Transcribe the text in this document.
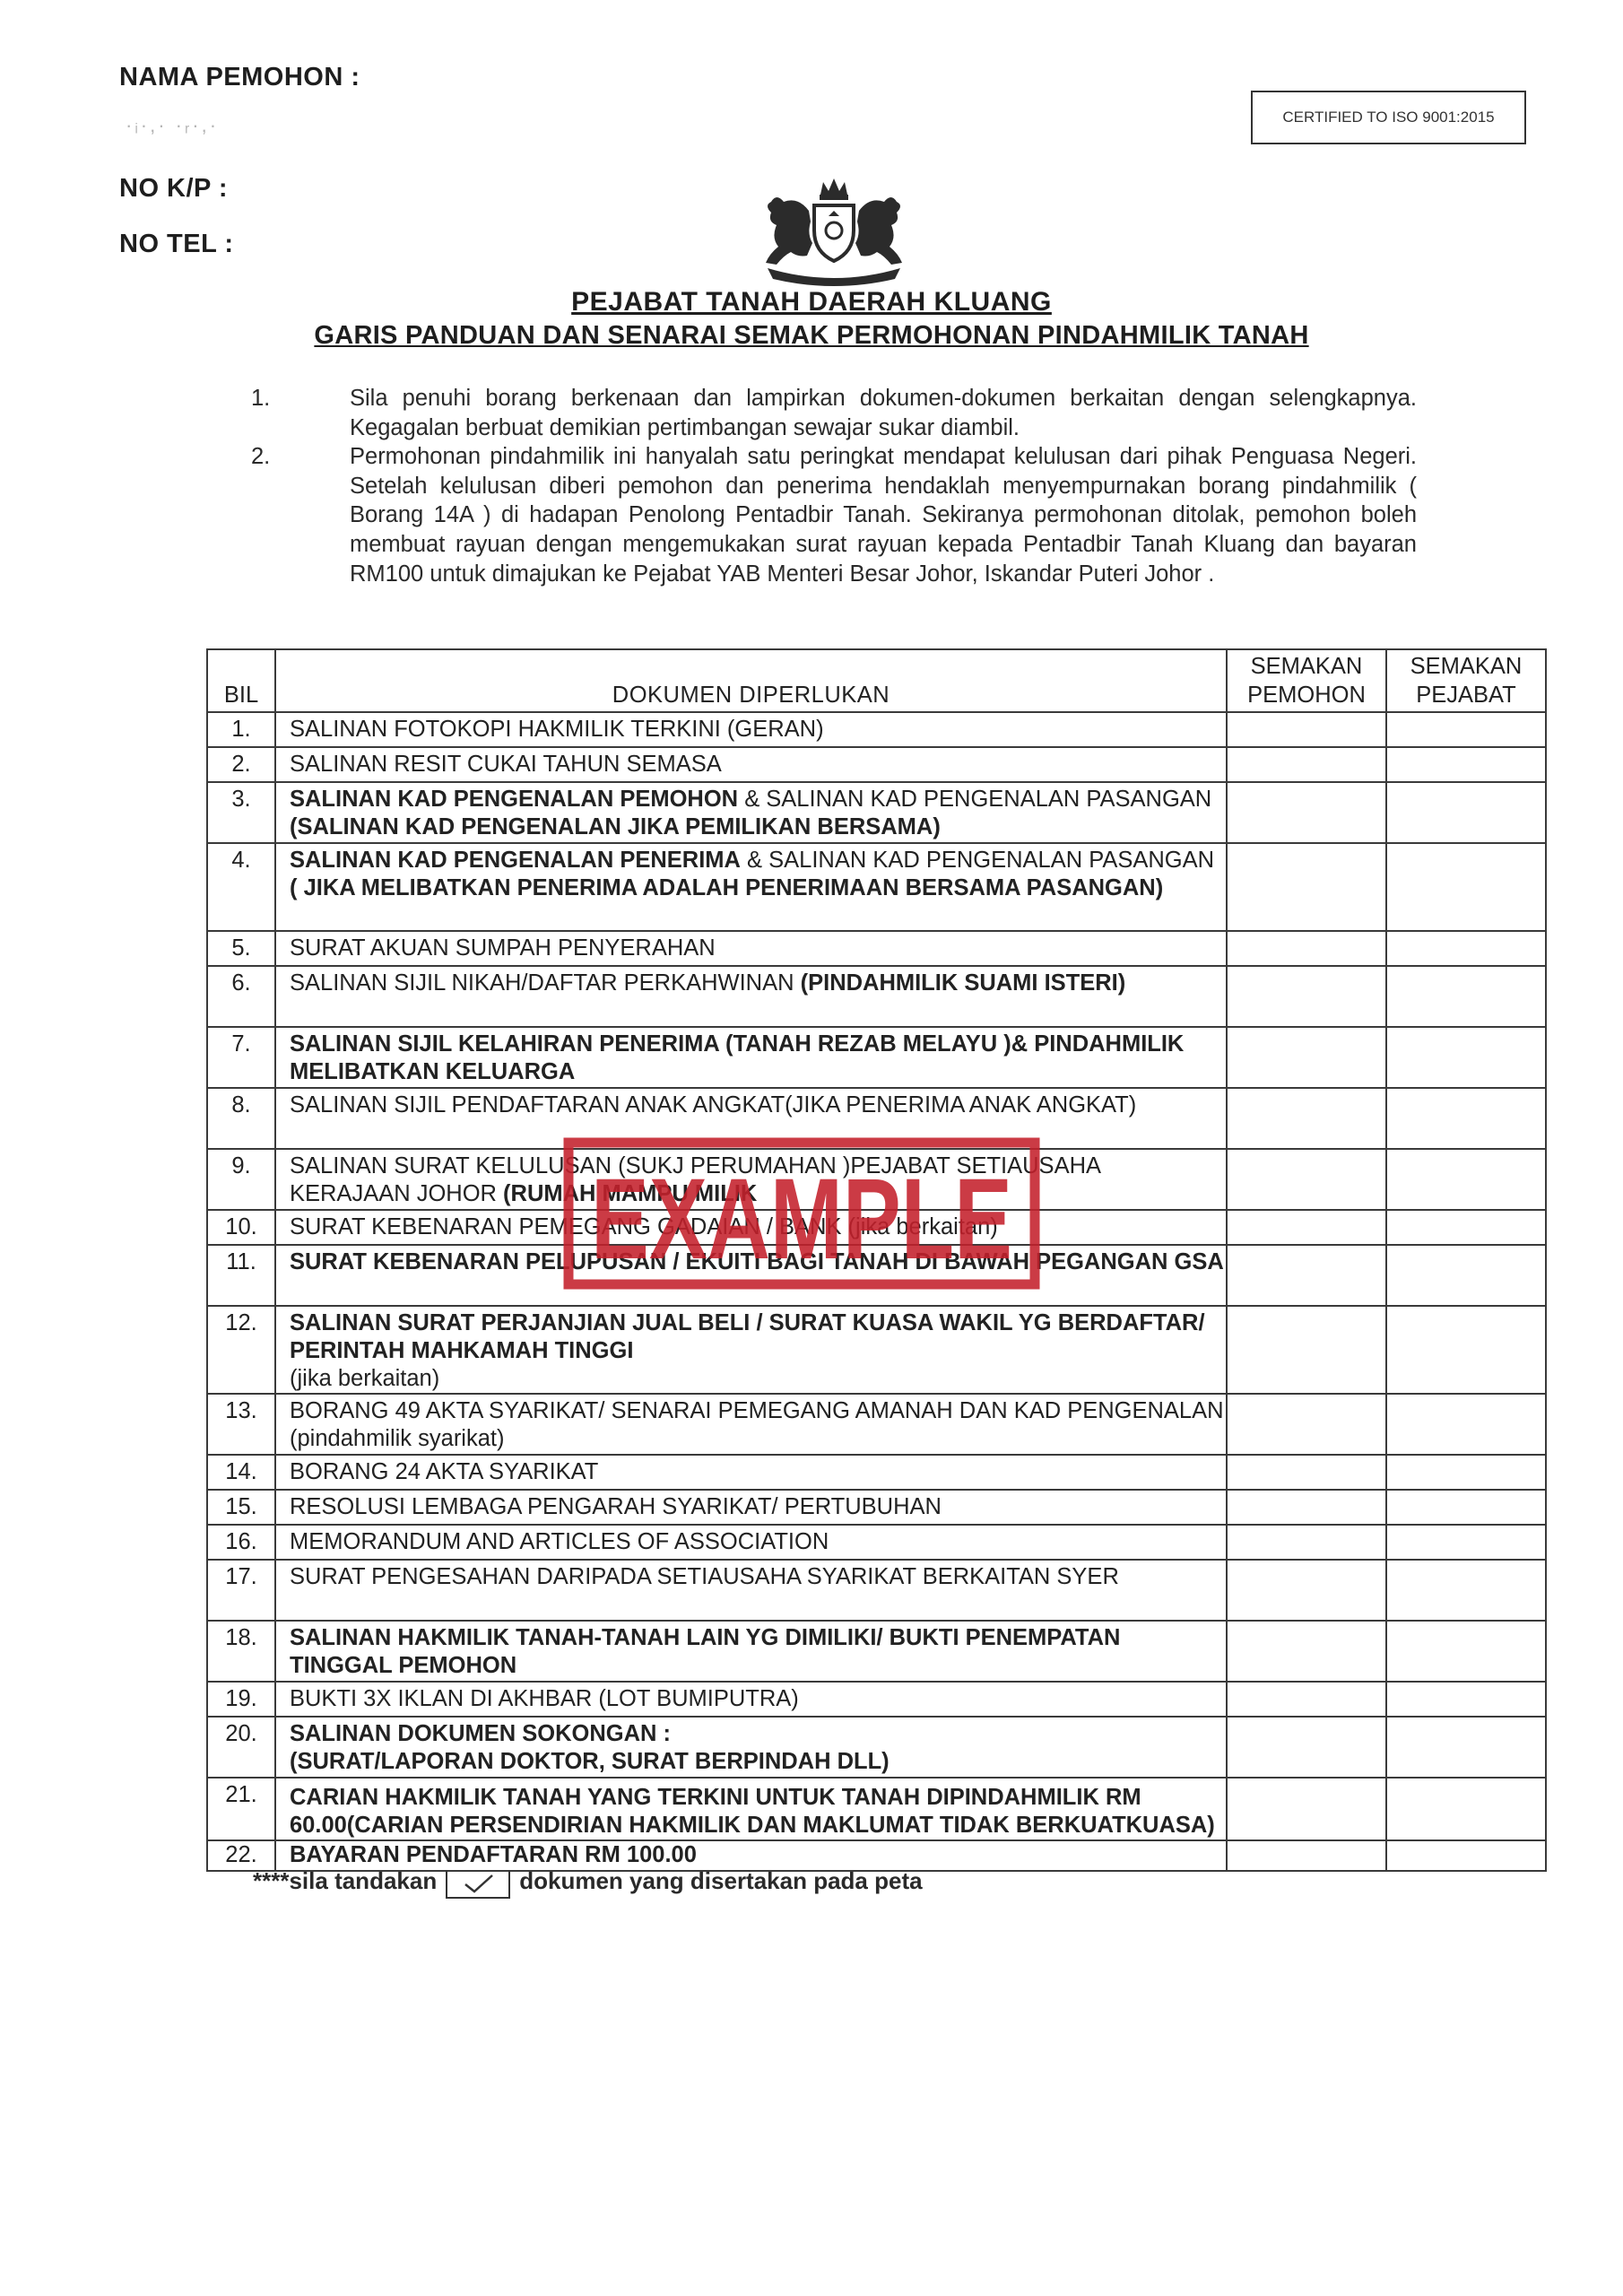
NAMA PEMOHON :
·ᵢ·,· ·ᵣ·,·
NO K/P :
NO TEL :
CERTIFIED TO ISO 9001:2015
PEJABAT TANAH DAERAH KLUANG
GARIS PANDUAN DAN SENARAI SEMAK PERMOHONAN PINDAHMILIK TANAH
1.	Sila penuhi borang berkenaan dan lampirkan dokumen-dokumen berkaitan dengan selengkapnya. Kegagalan berbuat demikian pertimbangan sewajar sukar diambil.
2.	Permohonan pindahmilik ini hanyalah satu peringkat mendapat kelulusan dari pihak Penguasa Negeri. Setelah kelulusan diberi pemohon dan penerima hendaklah menyempurnakan borang pindahmilik ( Borang 14A ) di hadapan Penolong Pentadbir Tanah. Sekiranya permohonan ditolak, pemohon boleh membuat rayuan dengan mengemukakan surat rayuan kepada Pentadbir Tanah Kluang dan bayaran RM100 untuk dimajukan ke Pejabat YAB Menteri Besar Johor, Iskandar Puteri Johor .
BIL	DOKUMEN DIPERLUKAN	SEMAKAN PEMOHON	SEMAKAN PEJABAT
1.	SALINAN FOTOKOPI HAKMILIK TERKINI (GERAN)		
2.	SALINAN RESIT CUKAI TAHUN SEMASA		
3.	SALINAN KAD PENGENALAN PEMOHON & SALINAN KAD PENGENALAN PASANGAN (SALINAN KAD PENGENALAN JIKA PEMILIKAN BERSAMA)		
4.	SALINAN KAD PENGENALAN PENERIMA & SALINAN KAD PENGENALAN PASANGAN ( JIKA MELIBATKAN PENERIMA ADALAH PENERIMAAN BERSAMA PASANGAN)		
5.	SURAT AKUAN SUMPAH PENYERAHAN		
6.	SALINAN SIJIL NIKAH/DAFTAR PERKAHWINAN (PINDAHMILIK SUAMI ISTERI)		
7.	SALINAN SIJIL KELAHIRAN PENERIMA (TANAH REZAB MELAYU )& PINDAHMILIK MELIBATKAN KELUARGA		
8.	SALINAN SIJIL PENDAFTARAN ANAK ANGKAT(JIKA PENERIMA ANAK ANGKAT)		
9.	SALINAN SURAT KELULUSAN (SUKJ PERUMAHAN )PEJABAT SETIAUSAHA KERAJAAN JOHOR (RUMAH MAMPU MILIK		
10.	SURAT KEBENARAN PEMEGANG GADAIAN / BANK (jika berkaitan)		
11.	SURAT KEBENARAN PELUPUSAN / EKUITI BAGI TANAH DI BAWAH PEGANGAN GSA		
12.	SALINAN SURAT PERJANJIAN JUAL BELI / SURAT KUASA WAKIL YG BERDAFTAR/ PERINTAH MAHKAMAH TINGGI
(jika berkaitan)		
13.	BORANG 49 AKTA SYARIKAT/ SENARAI PEMEGANG AMANAH DAN KAD PENGENALAN (pindahmilik syarikat)		
14.	BORANG 24 AKTA SYARIKAT		
15.	RESOLUSI LEMBAGA PENGARAH SYARIKAT/ PERTUBUHAN		
16.	MEMORANDUM AND ARTICLES OF ASSOCIATION		
17.	SURAT PENGESAHAN DARIPADA SETIAUSAHA SYARIKAT BERKAITAN SYER		
18.	SALINAN HAKMILIK TANAH-TANAH LAIN YG DIMILIKI/ BUKTI PENEMPATAN TINGGAL PEMOHON		
19.	BUKTI 3X IKLAN DI AKHBAR (LOT BUMIPUTRA)		
20.	SALINAN DOKUMEN SOKONGAN :
(SURAT/LAPORAN DOKTOR, SURAT BERPINDAH DLL)		
21.	CARIAN HAKMILIK TANAH YANG TERKINI UNTUK TANAH DIPINDAHMILIK RM 60.00(CARIAN PERSENDIRIAN HAKMILIK DAN MAKLUMAT TIDAK BERKUATKUASA)		
22.	BAYARAN PENDAFTARAN RM 100.00		
****sila tandakan	dokumen yang disertakan pada peta
EXAMPLE
